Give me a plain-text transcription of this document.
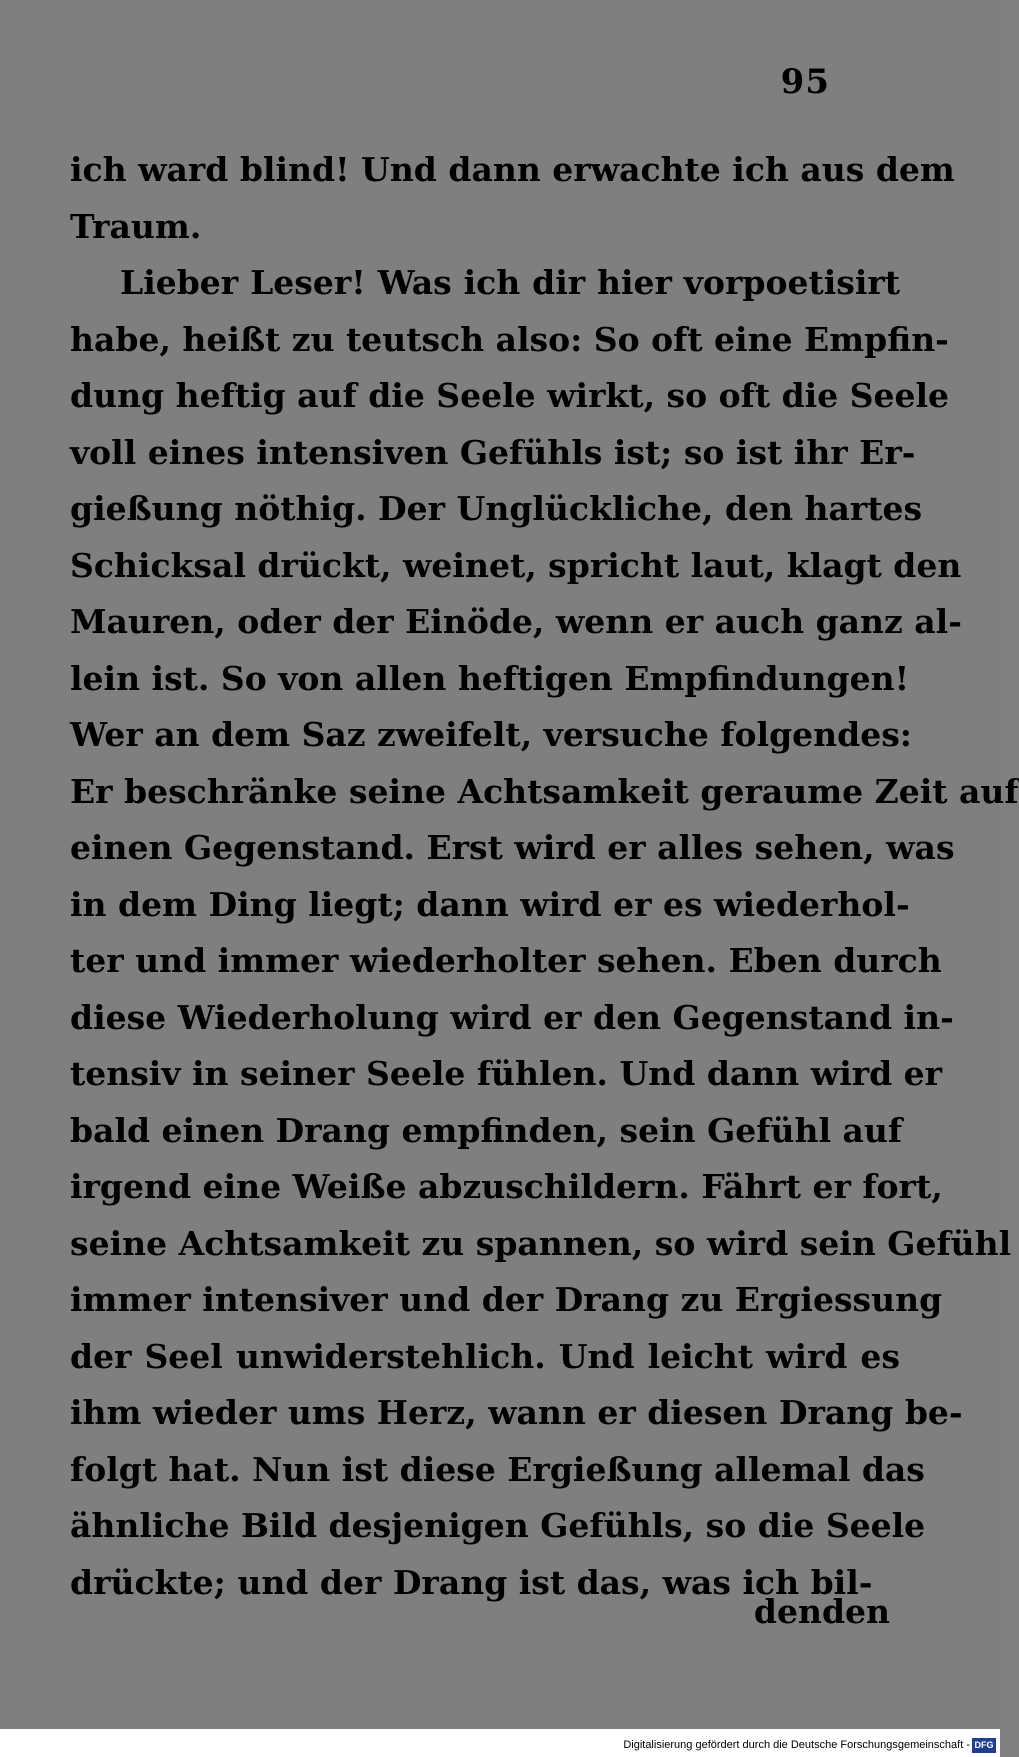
95
ich ward blind! Und dann erwachte ich aus dem
Traum.
Lieber Leser! Was ich dir hier vorpoetisirt
habe, heißt zu teutsch also: So oft eine Empfin-
dung heftig auf die Seele wirkt, so oft die Seele
voll eines intensiven Gefühls ist; so ist ihr Er-
gießung nöthig. Der Unglückliche, den hartes
Schicksal drückt, weinet, spricht laut, klagt den
Mauren, oder der Einöde, wenn er auch ganz al-
lein ist. So von allen heftigen Empfindungen!
Wer an dem Saz zweifelt, versuche folgendes:
Er beschränke seine Achtsamkeit geraume Zeit auf
einen Gegenstand. Erst wird er alles sehen, was
in dem Ding liegt; dann wird er es wiederhol-
ter und immer wiederholter sehen. Eben durch
diese Wiederholung wird er den Gegenstand in-
tensiv in seiner Seele fühlen. Und dann wird er
bald einen Drang empfinden, sein Gefühl auf
irgend eine Weiße abzuschildern. Fährt er fort,
seine Achtsamkeit zu spannen, so wird sein Gefühl
immer intensiver und der Drang zu Ergiessung
der Seel unwiderstehlich. Und leicht wird es
ihm wieder ums Herz, wann er diesen Drang be-
folgt hat. Nun ist diese Ergießung allemal das
ähnliche Bild desjenigen Gefühls, so die Seele
drückte; und der Drang ist das, was ich bil-
denden
Digitalisierung gefördert durch die Deutsche Forschungsgemeinschaft - DFG
